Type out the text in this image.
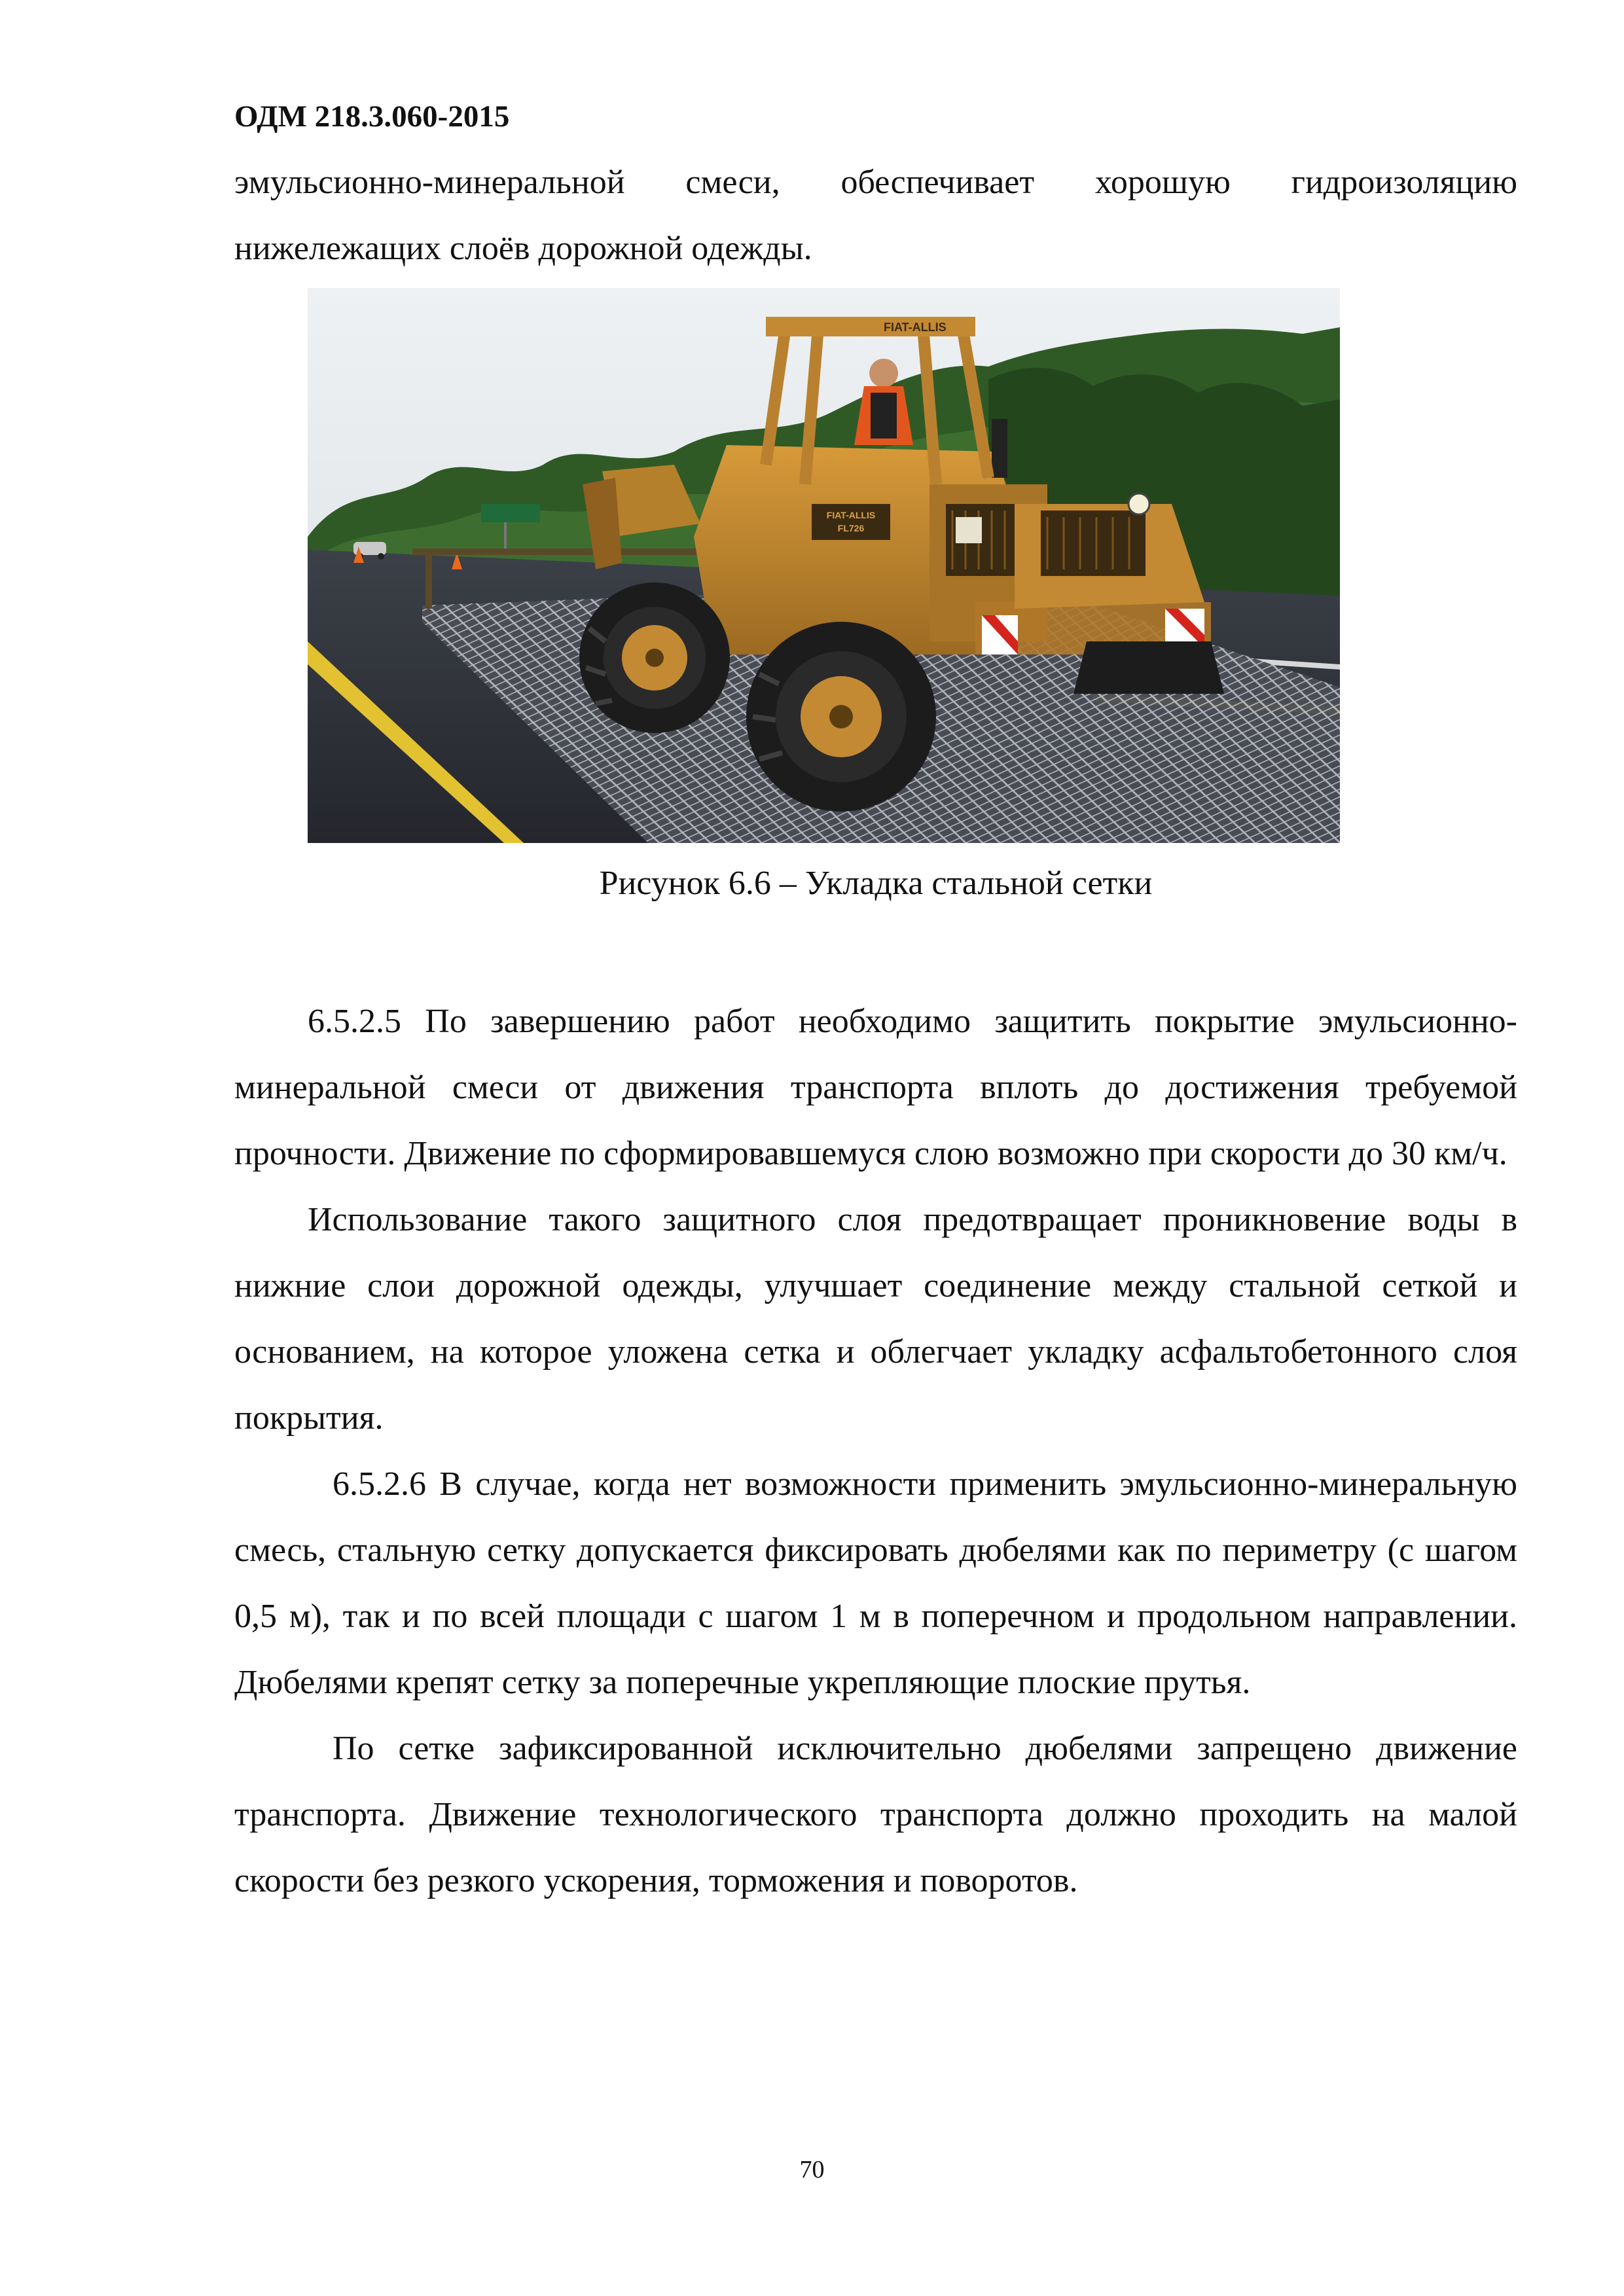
ОДМ 218.3.060-2015

эмульсионно-минеральной смеси, обеспечивает хорошую гидроизоляцию нижележащих слоёв дорожной одежды.

FIAT-ALLIS
FIAT-ALLIS
FL726
Рисунок 6.6 – Укладка стальной сетки

6.5.2.5 По завершению работ необходимо защитить покрытие эмульсионно-минеральной смеси от движения транспорта вплоть до достижения требуемой прочности. Движение по сформировавшемуся слою возможно при скорости до 30 км/ч.

Использование такого защитного слоя предотвращает проникновение воды в нижние слои дорожной одежды, улучшает соединение между стальной сеткой и основанием, на которое уложена сетка и облегчает укладку асфальтобетонного слоя покрытия.

6.5.2.6 В случае, когда нет возможности применить эмульсионно-минеральную смесь, стальную сетку допускается фиксировать дюбелями как по периметру (с шагом 0,5 м), так и по всей площади с шагом 1 м в поперечном и продольном направлении. Дюбелями крепят сетку за поперечные укрепляющие плоские прутья.

По сетке зафиксированной исключительно дюбелями запрещено движение транспорта. Движение технологического транспорта должно проходить на малой скорости без резкого ускорения, торможения и поворотов.

70
